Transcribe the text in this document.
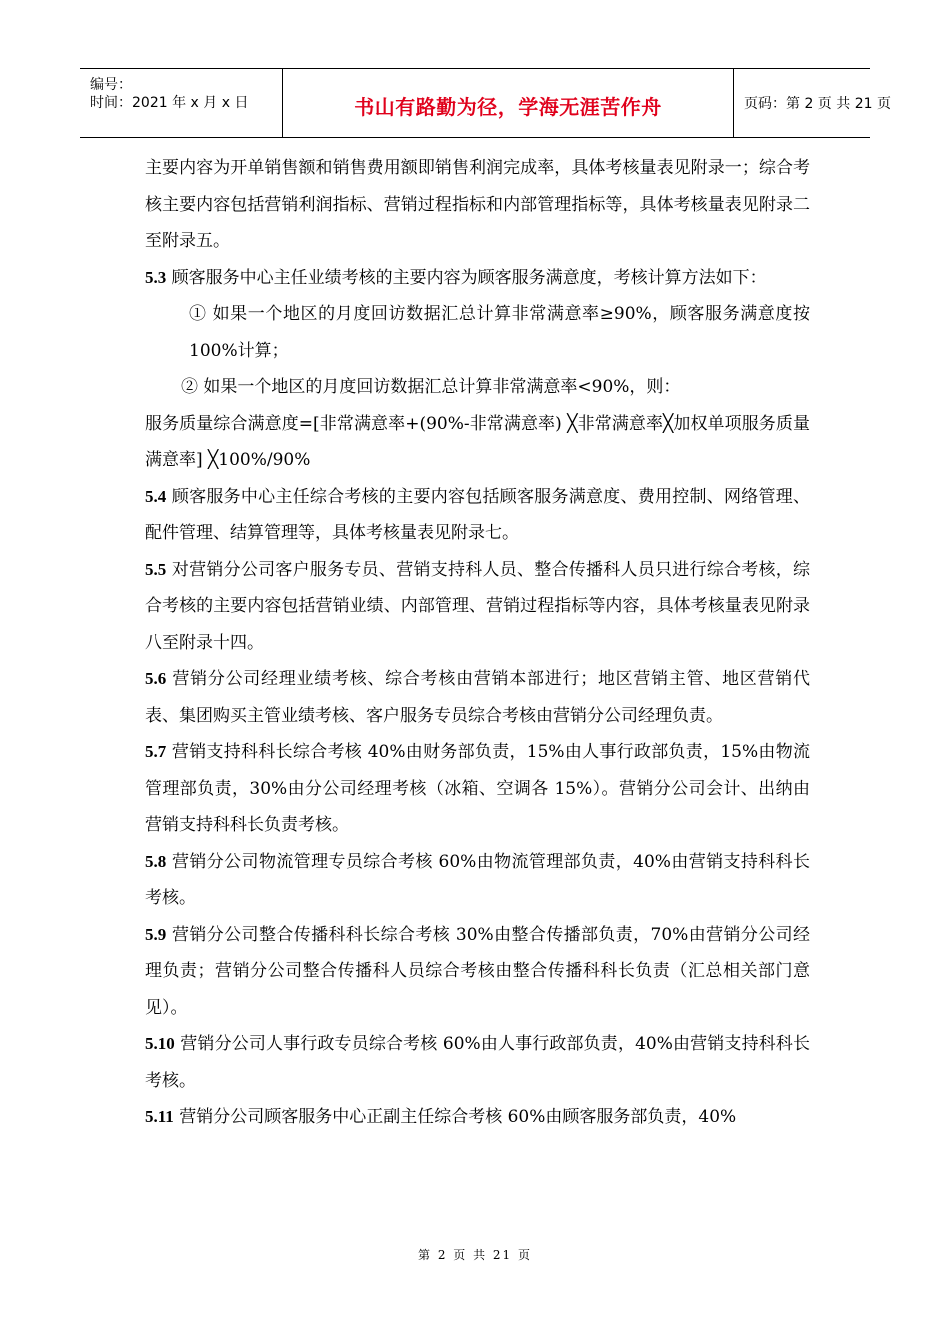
编号：
时间：2021 年 x 月 x 日	书山有路勤为径，学海无涯苦作舟	页码：第 2 页 共 21 页

主要内容为开单销售额和销售费用额即销售利润完成率，具体考核量表见附录一；综合考核主要内容包括营销利润指标、营销过程指标和内部管理指标等，具体考核量表见附录二至附录五。

5.3 顾客服务中心主任业绩考核的主要内容为顾客服务满意度，考核计算方法如下：

① 如果一个地区的月度回访数据汇总计算非常满意率≥90%，顾客服务满意度按 100%计算；

② 如果一个地区的月度回访数据汇总计算非常满意率<90%，则：

服务质量综合满意度=[非常满意率+(90%-非常满意率) ╳非常满意率╳加权单项服务质量满意率] ╳100%/90%

5.4 顾客服务中心主任综合考核的主要内容包括顾客服务满意度、费用控制、网络管理、配件管理、结算管理等，具体考核量表见附录七。

5.5 对营销分公司客户服务专员、营销支持科人员、整合传播科人员只进行综合考核，综合考核的主要内容包括营销业绩、内部管理、营销过程指标等内容，具体考核量表见附录八至附录十四。

5.6 营销分公司经理业绩考核、综合考核由营销本部进行；地区营销主管、地区营销代表、集团购买主管业绩考核、客户服务专员综合考核由营销分公司经理负责。

5.7 营销支持科科长综合考核 40%由财务部负责，15%由人事行政部负责，15%由物流管理部负责，30%由分公司经理考核（冰箱、空调各 15%）。营销分公司会计、出纳由营销支持科科长负责考核。

5.8 营销分公司物流管理专员综合考核 60%由物流管理部负责，40%由营销支持科科长考核。

5.9 营销分公司整合传播科科长综合考核 30%由整合传播部负责，70%由营销分公司经理负责；营销分公司整合传播科人员综合考核由整合传播科科长负责（汇总相关部门意见）。

5.10 营销分公司人事行政专员综合考核 60%由人事行政部负责，40%由营销支持科科长考核。

5.11 营销分公司顾客服务中心正副主任综合考核 60%由顾客服务部负责，40%

第 2 页 共 21 页
